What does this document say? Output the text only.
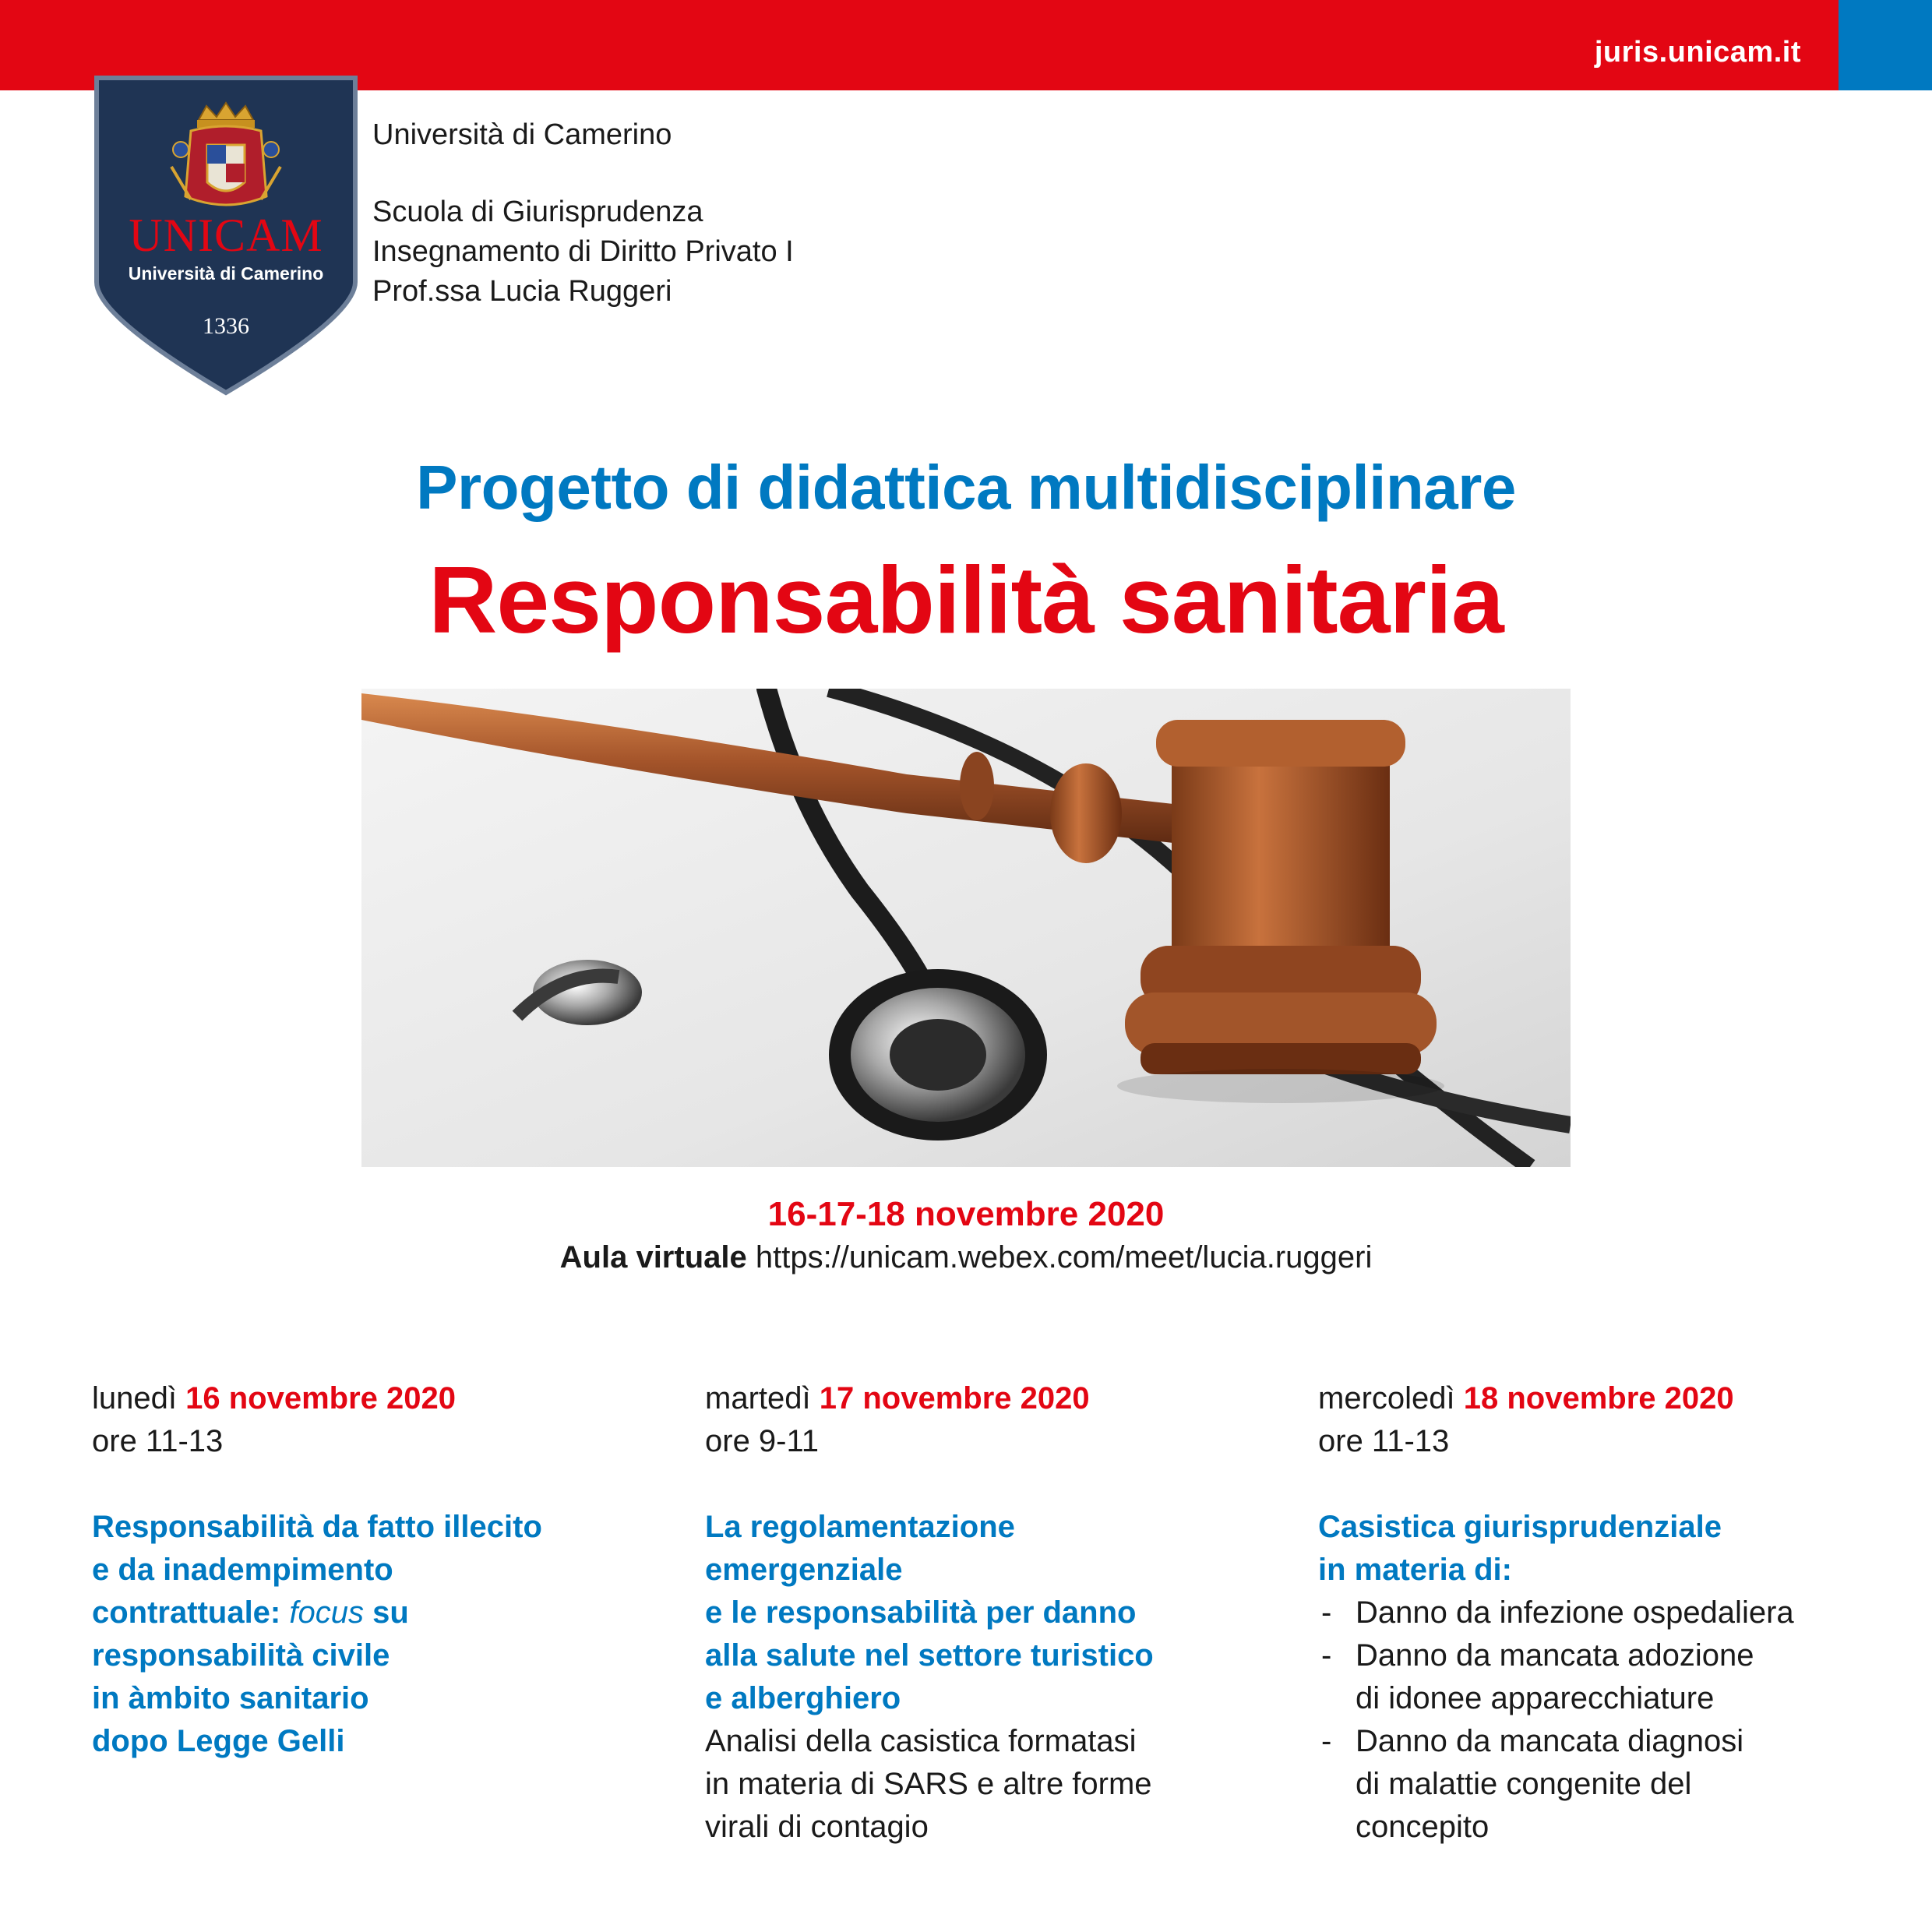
juris.unicam.it
UNICAM
Università di Camerino
1336
Università di Camerino
Scuola di Giurisprudenza
Insegnamento di Diritto Privato I
Prof.ssa Lucia Ruggeri
Progetto di didattica multidisciplinare
Responsabilità sanitaria
16-17-18 novembre 2020
Aula virtuale https://unicam.webex.com/meet/lucia.ruggeri
lunedì 16 novembre 2020
ore 11-13
Responsabilità da fatto illecito
e da inadempimento
contrattuale: focus su
responsabilità civile
in àmbito sanitario
dopo Legge Gelli
martedì 17 novembre 2020
ore 9-11
La regolamentazione
emergenziale
e le responsabilità per danno
alla salute nel settore turistico
e alberghiero
Analisi della casistica formatasi
in materia di SARS e altre forme
virali di contagio
mercoledì 18 novembre 2020
ore 11-13
Casistica giurisprudenziale
in materia di:
- Danno da infezione ospedaliera
- Danno da mancata adozione
di idonee apparecchiature
- Danno da mancata diagnosi
di malattie congenite del
concepito
